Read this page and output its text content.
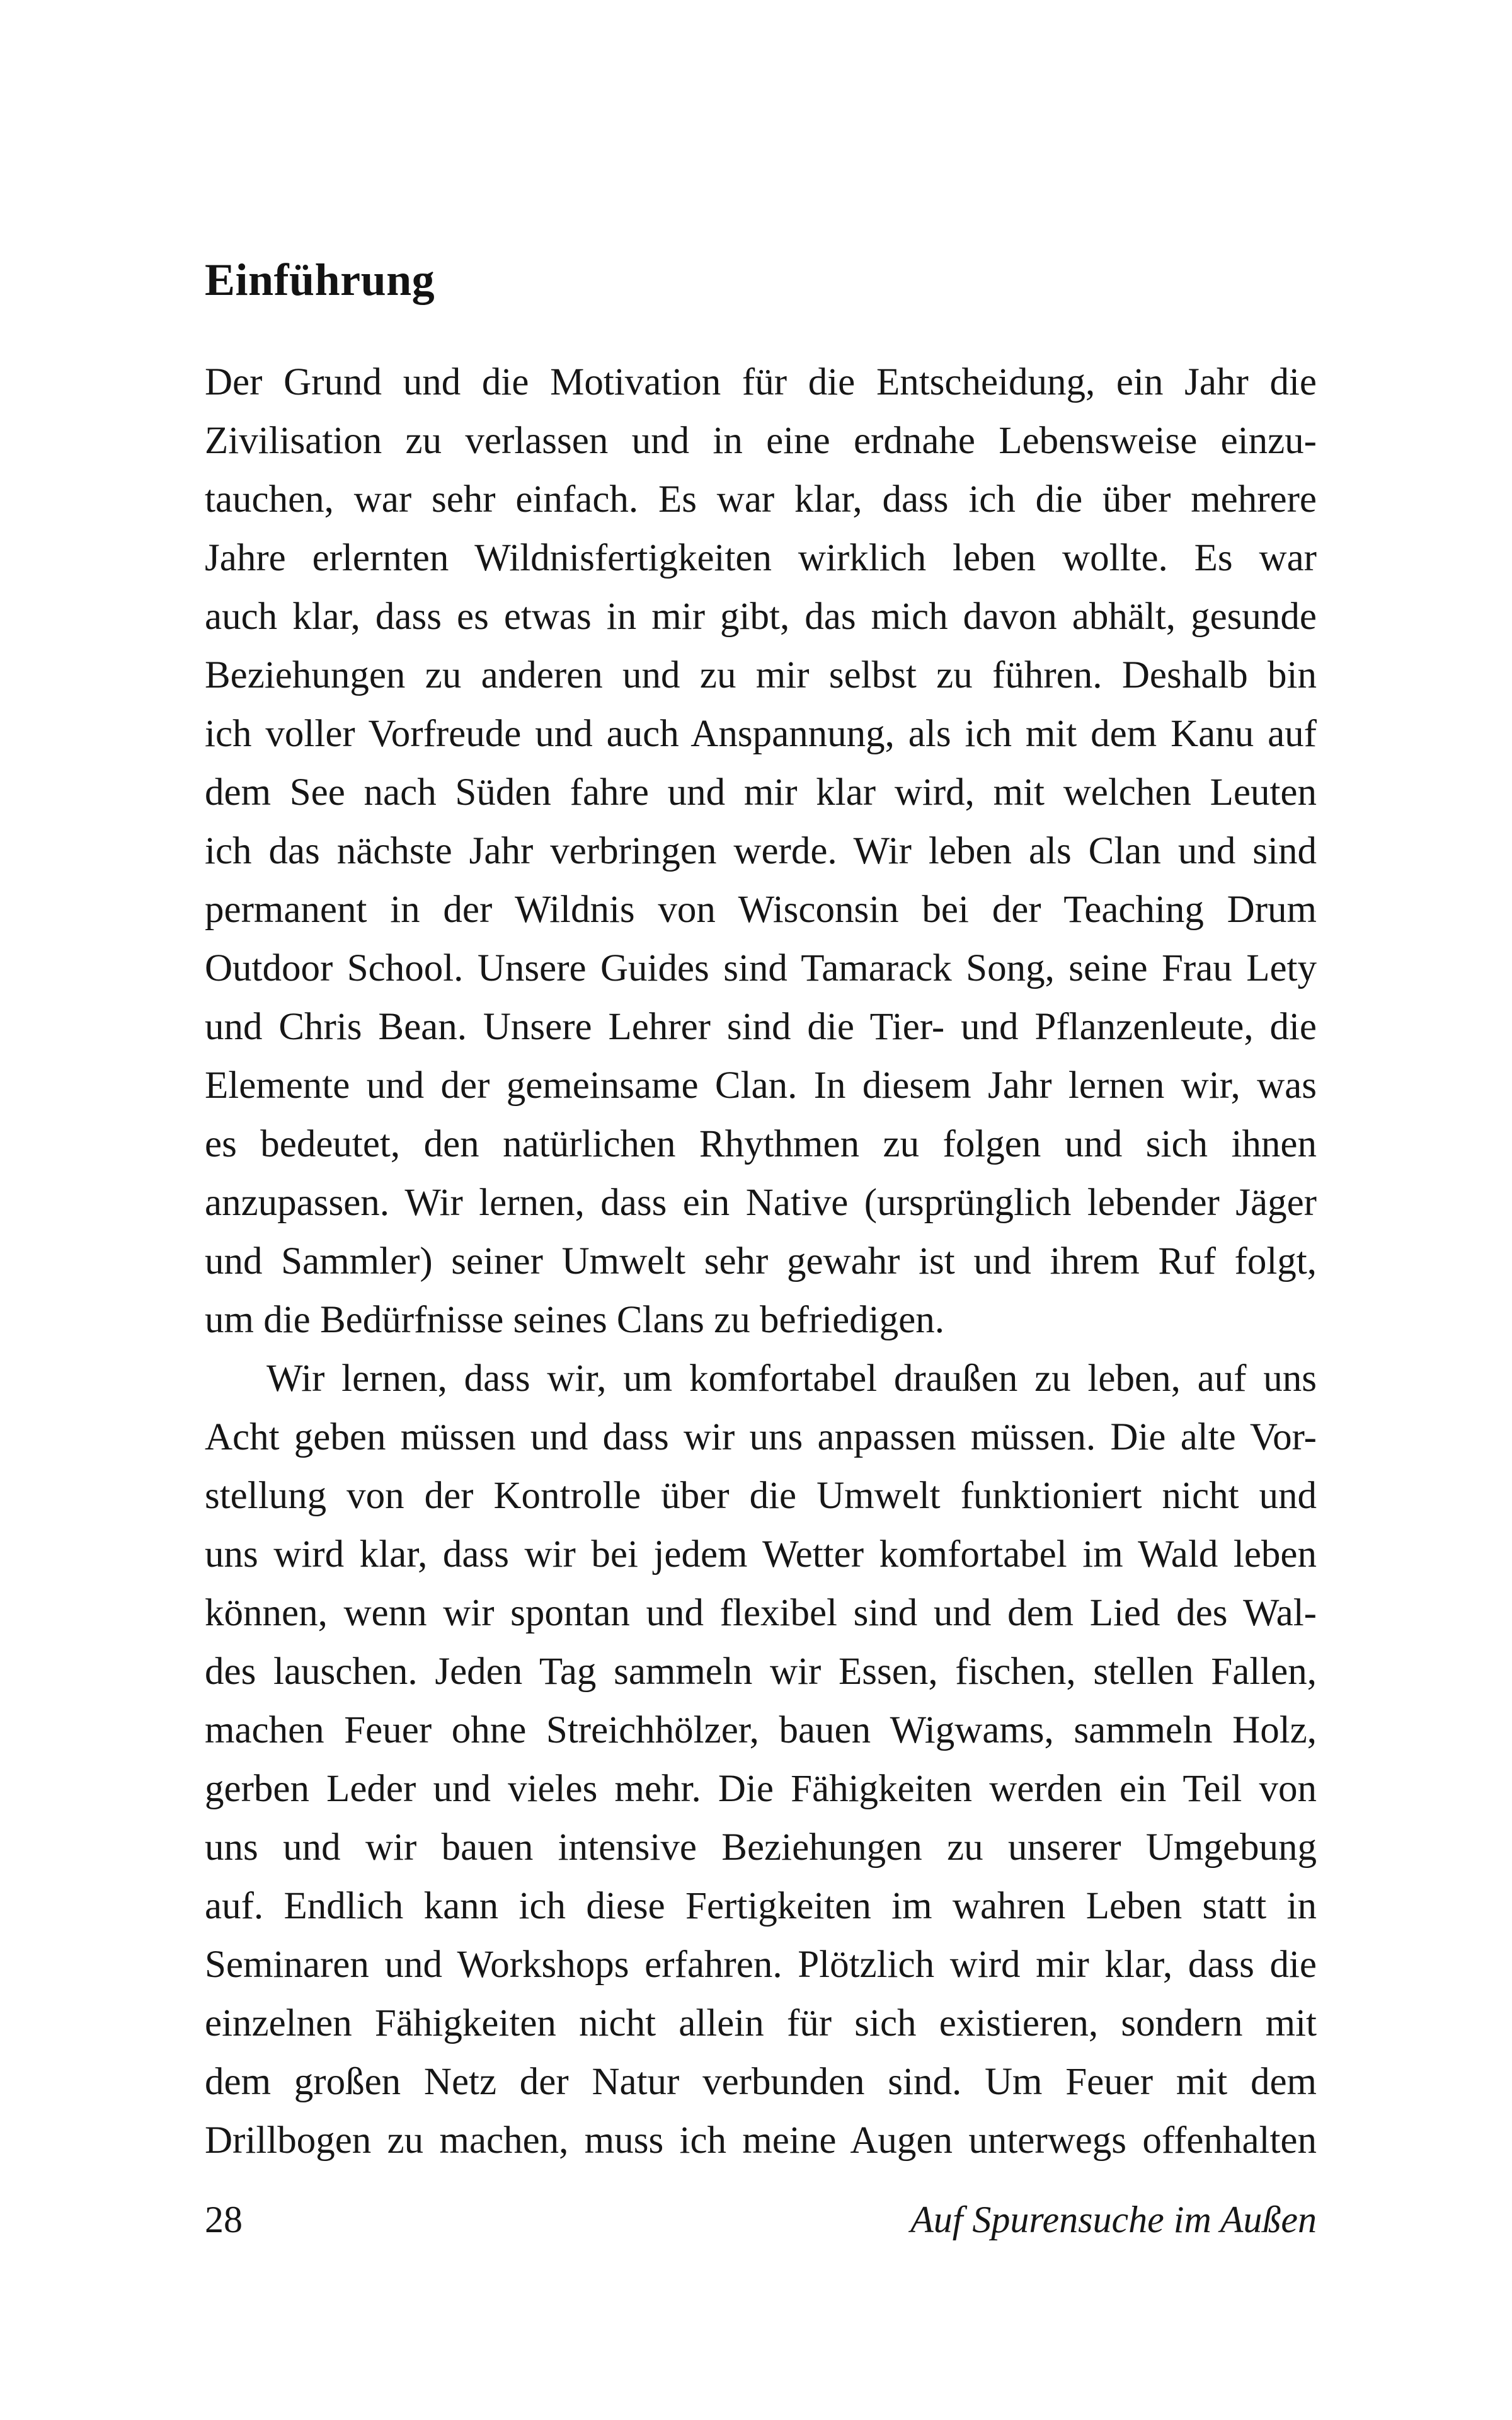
Einführung
Der Grund und die Motivation für die Entscheidung, ein Jahr die
Zivilisation zu verlassen und in eine erdnahe Lebensweise einzu-
tauchen, war sehr einfach. Es war klar, dass ich die über mehrere
Jahre erlernten Wildnisfertigkeiten wirklich leben wollte. Es war
auch klar, dass es etwas in mir gibt, das mich davon abhält, gesunde
Beziehungen zu anderen und zu mir selbst zu führen. Deshalb bin
ich voller Vorfreude und auch Anspannung, als ich mit dem Kanu auf
dem See nach Süden fahre und mir klar wird, mit welchen Leuten
ich das nächste Jahr verbringen werde. Wir leben als Clan und sind
permanent in der Wildnis von Wisconsin bei der Teaching Drum
Outdoor School. Unsere Guides sind Tamarack Song, seine Frau Lety
und Chris Bean. Unsere Lehrer sind die Tier- und Pflanzenleute, die
Elemente und der gemeinsame Clan. In diesem Jahr lernen wir, was
es bedeutet, den natürlichen Rhythmen zu folgen und sich ihnen
anzupassen. Wir lernen, dass ein Native (ursprünglich lebender Jäger
und Sammler) seiner Umwelt sehr gewahr ist und ihrem Ruf folgt,
um die Bedürfnisse seines Clans zu befriedigen.
Wir lernen, dass wir, um komfortabel draußen zu leben, auf uns
Acht geben müssen und dass wir uns anpassen müssen. Die alte Vor-
stellung von der Kontrolle über die Umwelt funktioniert nicht und
uns wird klar, dass wir bei jedem Wetter komfortabel im Wald leben
können, wenn wir spontan und flexibel sind und dem Lied des Wal-
des lauschen. Jeden Tag sammeln wir Essen, fischen, stellen Fallen,
machen Feuer ohne Streichhölzer, bauen Wigwams, sammeln Holz,
gerben Leder und vieles mehr. Die Fähigkeiten werden ein Teil von
uns und wir bauen intensive Beziehungen zu unserer Umgebung
auf. Endlich kann ich diese Fertigkeiten im wahren Leben statt in
Seminaren und Workshops erfahren. Plötzlich wird mir klar, dass die
einzelnen Fähigkeiten nicht allein für sich existieren, sondern mit
dem großen Netz der Natur verbunden sind. Um Feuer mit dem
Drillbogen zu machen, muss ich meine Augen unterwegs offenhalten
28	Auf Spurensuche im Außen
